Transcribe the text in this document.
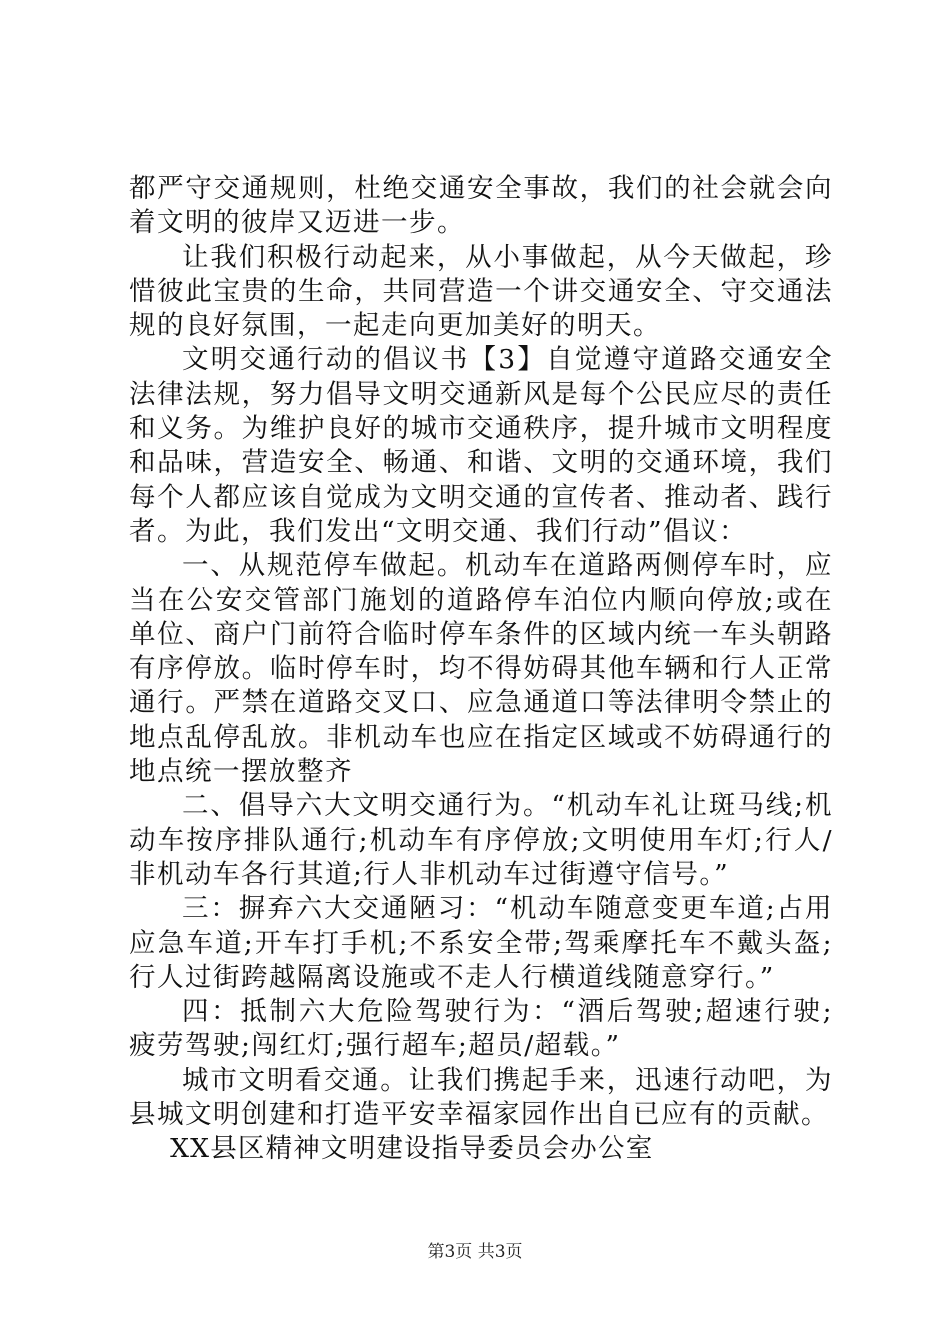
都严守交通规则，杜绝交通安全事故，我们的社会就会向着文明的彼岸又迈进一步。

让我们积极行动起来，从小事做起，从今天做起，珍惜彼此宝贵的生命，共同营造一个讲交通安全、守交通法规的良好氛围，一起走向更加美好的明天。

文明交通行动的倡议书【3】自觉遵守道路交通安全法律法规，努力倡导文明交通新风是每个公民应尽的责任和义务。为维护良好的城市交通秩序，提升城市文明程度和品味，营造安全、畅通、和谐、文明的交通环境，我们每个人都应该自觉成为文明交通的宣传者、推动者、践行者。为此，我们发出“文明交通、我们行动”倡议：

一、从规范停车做起。机动车在道路两侧停车时，应当在公安交管部门施划的道路停车泊位内顺向停放;或在单位、商户门前符合临时停车条件的区域内统一车头朝路有序停放。临时停车时，均不得妨碍其他车辆和行人正常通行。严禁在道路交叉口、应急通道口等法律明令禁止的地点乱停乱放。非机动车也应在指定区域或不妨碍通行的地点统一摆放整齐

二、倡导六大文明交通行为。“机动车礼让斑马线;机动车按序排队通行;机动车有序停放;文明使用车灯;行人/非机动车各行其道;行人非机动车过街遵守信号。”

三：摒弃六大交通陋习：“机动车随意变更车道;占用应急车道;开车打手机;不系安全带;驾乘摩托车不戴头盔;行人过街跨越隔离设施或不走人行横道线随意穿行。”

四：抵制六大危险驾驶行为：“酒后驾驶;超速行驶;疲劳驾驶;闯红灯;强行超车;超员/超载。”

城市文明看交通。让我们携起手来，迅速行动吧，为县城文明创建和打造平安幸福家园作出自已应有的贡献。

XX县区精神文明建设指导委员会办公室

第3页 共3页
